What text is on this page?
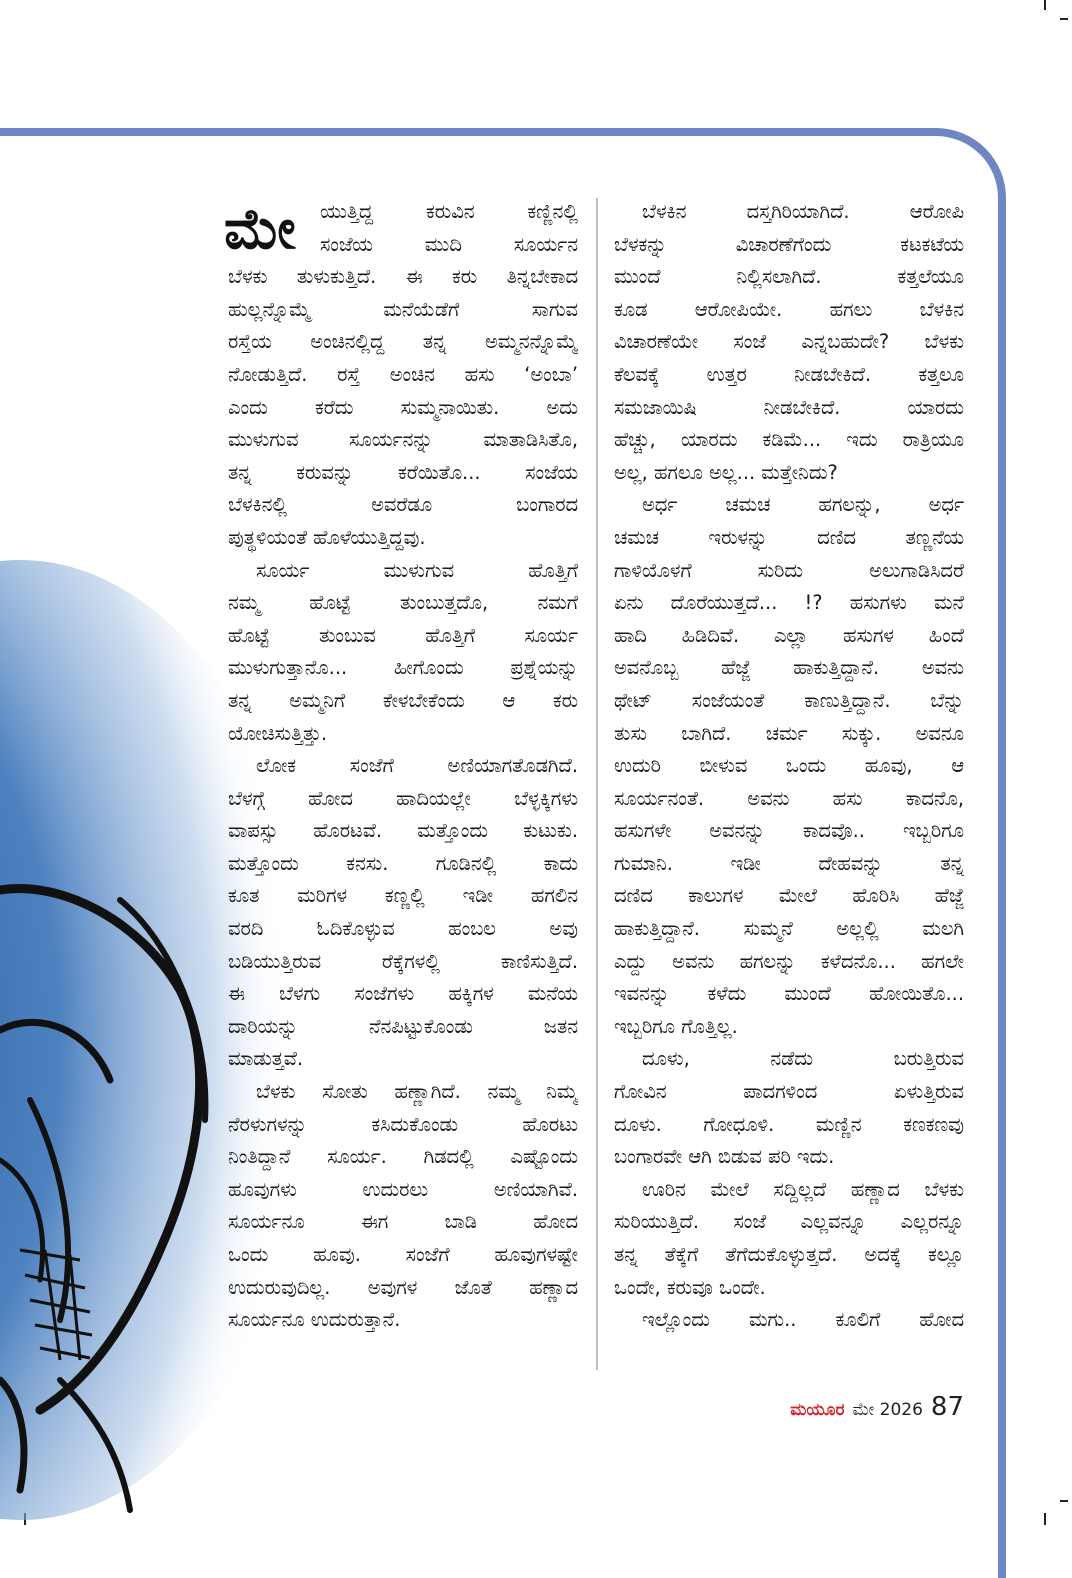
ಮೇ ಯುತ್ತಿದ್ದ ಕರುವಿನ ಕಣ್ಣಿನಲ್ಲಿ
ಸಂಜೆಯ ಮುದಿ ಸೂರ್ಯನ
ಬೆಳಕು ತುಳುಕುತ್ತಿದೆ. ಈ ಕರು ತಿನ್ನಬೇಕಾದ
ಹುಲ್ಲನ್ನೊಮ್ಮೆ ಮನೆಯೆಡೆಗೆ ಸಾಗುವ
ರಸ್ತೆಯ ಅಂಚಿನಲ್ಲಿದ್ದ ತನ್ನ ಅಮ್ಮನನ್ನೊಮ್ಮೆ
ನೋಡುತ್ತಿದೆ. ರಸ್ತೆ ಅಂಚಿನ ಹಸು ‘ಅಂಬಾ’
ಎಂದು ಕರೆದು ಸುಮ್ಮನಾಯಿತು. ಅದು
ಮುಳುಗುವ ಸೂರ್ಯನನ್ನು ಮಾತಾಡಿಸಿತೊ,
ತನ್ನ ಕರುವನ್ನು ಕರೆಯಿತೊ... ಸಂಜೆಯ
ಬೆಳಕಿನಲ್ಲಿ ಅವರೆಡೂ ಬಂಗಾರದ
ಪುತ್ಥಳಿಯಂತೆ ಹೊಳೆಯುತ್ತಿದ್ದವು.
ಸೂರ್ಯ ಮುಳುಗುವ ಹೊತ್ತಿಗೆ
ನಮ್ಮ ಹೊಟ್ಟೆ ತುಂಬುತ್ತದೊ, ನಮಗೆ
ಹೊಟ್ಟೆ ತುಂಬುವ ಹೊತ್ತಿಗೆ ಸೂರ್ಯ
ಮುಳುಗುತ್ತಾನೊ... ಹೀಗೊಂದು ಪ್ರಶ್ನೆಯನ್ನು
ತನ್ನ ಅಮ್ಮನಿಗೆ ಕೇಳಬೇಕೆಂದು ಆ ಕರು
ಯೋಚಿಸುತ್ತಿತ್ತು.
ಲೋಕ ಸಂಜೆಗೆ ಅಣಿಯಾಗತೊಡಗಿದೆ.
ಬೆಳಗ್ಗೆ ಹೋದ ಹಾದಿಯಲ್ಲೇ ಬೆಳ್ಳಕ್ಕಿಗಳು
ವಾಪಸ್ಸು ಹೊರಟವೆ. ಮತ್ತೊಂದು ಕುಟುಕು.
ಮತ್ತೊಂದು ಕನಸು. ಗೂಡಿನಲ್ಲಿ ಕಾದು
ಕೂತ ಮರಿಗಳ ಕಣ್ಣಲ್ಲಿ ಇಡೀ ಹಗಲಿನ
ವರದಿ ಓದಿಕೊಳ್ಳುವ ಹಂಬಲ ಅವು
ಬಡಿಯುತ್ತಿರುವ ರೆಕ್ಕೆಗಳಲ್ಲಿ ಕಾಣಿಸುತ್ತಿದೆ.
ಈ ಬೆಳಗು ಸಂಜೆಗಳು ಹಕ್ಕಿಗಳ ಮನೆಯ
ದಾರಿಯನ್ನು ನೆನಪಿಟ್ಟುಕೊಂಡು ಜತನ
ಮಾಡುತ್ತವೆ.
ಬೆಳಕು ಸೋತು ಹಣ್ಣಾಗಿದೆ. ನಮ್ಮ ನಿಮ್ಮ
ನೆರಳುಗಳನ್ನು ಕಸಿದುಕೊಂಡು ಹೊರಟು
ನಿಂತಿದ್ದಾನೆ ಸೂರ್ಯ. ಗಿಡದಲ್ಲಿ ಎಷ್ಟೊಂದು
ಹೂವುಗಳು ಉದುರಲು ಅಣಿಯಾಗಿವೆ.
ಸೂರ್ಯನೂ ಈಗ ಬಾಡಿ ಹೋದ
ಒಂದು ಹೂವು. ಸಂಜೆಗೆ ಹೂವುಗಳಷ್ಟೇ
ಉದುರುವುದಿಲ್ಲ. ಅವುಗಳ ಜೊತೆ ಹಣ್ಣಾದ
ಸೂರ್ಯನೂ ಉದುರುತ್ತಾನೆ.
ಬೆಳಕಿನ ದಸ್ತಗಿರಿಯಾಗಿದೆ. ಆರೋಪಿ
ಬೆಳಕನ್ನು ವಿಚಾರಣೆಗೆಂದು ಕಟಕಟೆಯ
ಮುಂದೆ ನಿಲ್ಲಿಸಲಾಗಿದೆ. ಕತ್ತಲೆಯೂ
ಕೂಡ ಆರೋಪಿಯೇ. ಹಗಲು ಬೆಳಕಿನ
ವಿಚಾರಣೆಯೇ ಸಂಜೆ ಎನ್ನಬಹುದೇ? ಬೆಳಕು
ಕೆಲವಕ್ಕೆ ಉತ್ತರ ನೀಡಬೇಕಿದೆ. ಕತ್ತಲೂ
ಸಮಜಾಯಿಷಿ ನೀಡಬೇಕಿದೆ. ಯಾರದು
ಹೆಚ್ಚು, ಯಾರದು ಕಡಿಮೆ... ಇದು ರಾತ್ರಿಯೂ
ಅಲ್ಲ, ಹಗಲೂ ಅಲ್ಲ... ಮತ್ತೇನಿದು?
ಅರ್ಧ ಚಮಚ ಹಗಲನ್ನು, ಅರ್ಧ
ಚಮಚ ಇರುಳನ್ನು ದಣಿದ ತಣ್ಣನೆಯ
ಗಾಳಿಯೊಳಗೆ ಸುರಿದು ಅಲುಗಾಡಿಸಿದರೆ
ಏನು ದೊರೆಯುತ್ತದೆ... !? ಹಸುಗಳು ಮನೆ
ಹಾದಿ ಹಿಡಿದಿವೆ. ಎಲ್ಲಾ ಹಸುಗಳ ಹಿಂದೆ
ಅವನೊಬ್ಬ ಹೆಜ್ಜೆ ಹಾಕುತ್ತಿದ್ದಾನೆ. ಅವನು
ಥೇಟ್ ಸಂಜೆಯಂತೆ ಕಾಣುತ್ತಿದ್ದಾನೆ. ಬೆನ್ನು
ತುಸು ಬಾಗಿದೆ. ಚರ್ಮ ಸುಕ್ಕು. ಅವನೂ
ಉದುರಿ ಬೀಳುವ ಒಂದು ಹೂವು, ಆ
ಸೂರ್ಯನಂತೆ. ಅವನು ಹಸು ಕಾದನೊ,
ಹಸುಗಳೇ ಅವನನ್ನು ಕಾದವೊ.. ಇಬ್ಬರಿಗೂ
ಗುಮಾನಿ. ಇಡೀ ದೇಹವನ್ನು ತನ್ನ
ದಣಿದ ಕಾಲುಗಳ ಮೇಲೆ ಹೊರಿಸಿ ಹೆಜ್ಜೆ
ಹಾಕುತ್ತಿದ್ದಾನೆ. ಸುಮ್ಮನೆ ಅಲ್ಲಲ್ಲಿ ಮಲಗಿ
ಎದ್ದು ಅವನು ಹಗಲನ್ನು ಕಳೆದನೊ... ಹಗಲೇ
ಇವನನ್ನು ಕಳೆದು ಮುಂದೆ ಹೋಯಿತೊ...
ಇಬ್ಬರಿಗೂ ಗೊತ್ತಿಲ್ಲ.
ದೂಳು, ನಡೆದು ಬರುತ್ತಿರುವ
ಗೋವಿನ ಪಾದಗಳಿಂದ ಏಳುತ್ತಿರುವ
ದೂಳು. ಗೋಧೂಳಿ. ಮಣ್ಣಿನ ಕಣಕಣವು
ಬಂಗಾರವೇ ಆಗಿ ಬಿಡುವ ಪರಿ ಇದು.
ಊರಿನ ಮೇಲೆ ಸದ್ದಿಲ್ಲದೆ ಹಣ್ಣಾದ ಬೆಳಕು
ಸುರಿಯುತ್ತಿದೆ. ಸಂಜೆ ಎಲ್ಲವನ್ನೂ ಎಲ್ಲರನ್ನೂ
ತನ್ನ ತೆಕ್ಕೆಗೆ ತೆಗೆದುಕೊಳ್ಳುತ್ತದೆ. ಅದಕ್ಕೆ ಕಲ್ಲೂ
ಒಂದೇ, ಕರುವೂ ಒಂದೇ.
ಇಲ್ಲೊಂದು ಮಗು.. ಕೂಲಿಗೆ ಹೋದ
ಮಯೂರ ಮೇ 2026 87
